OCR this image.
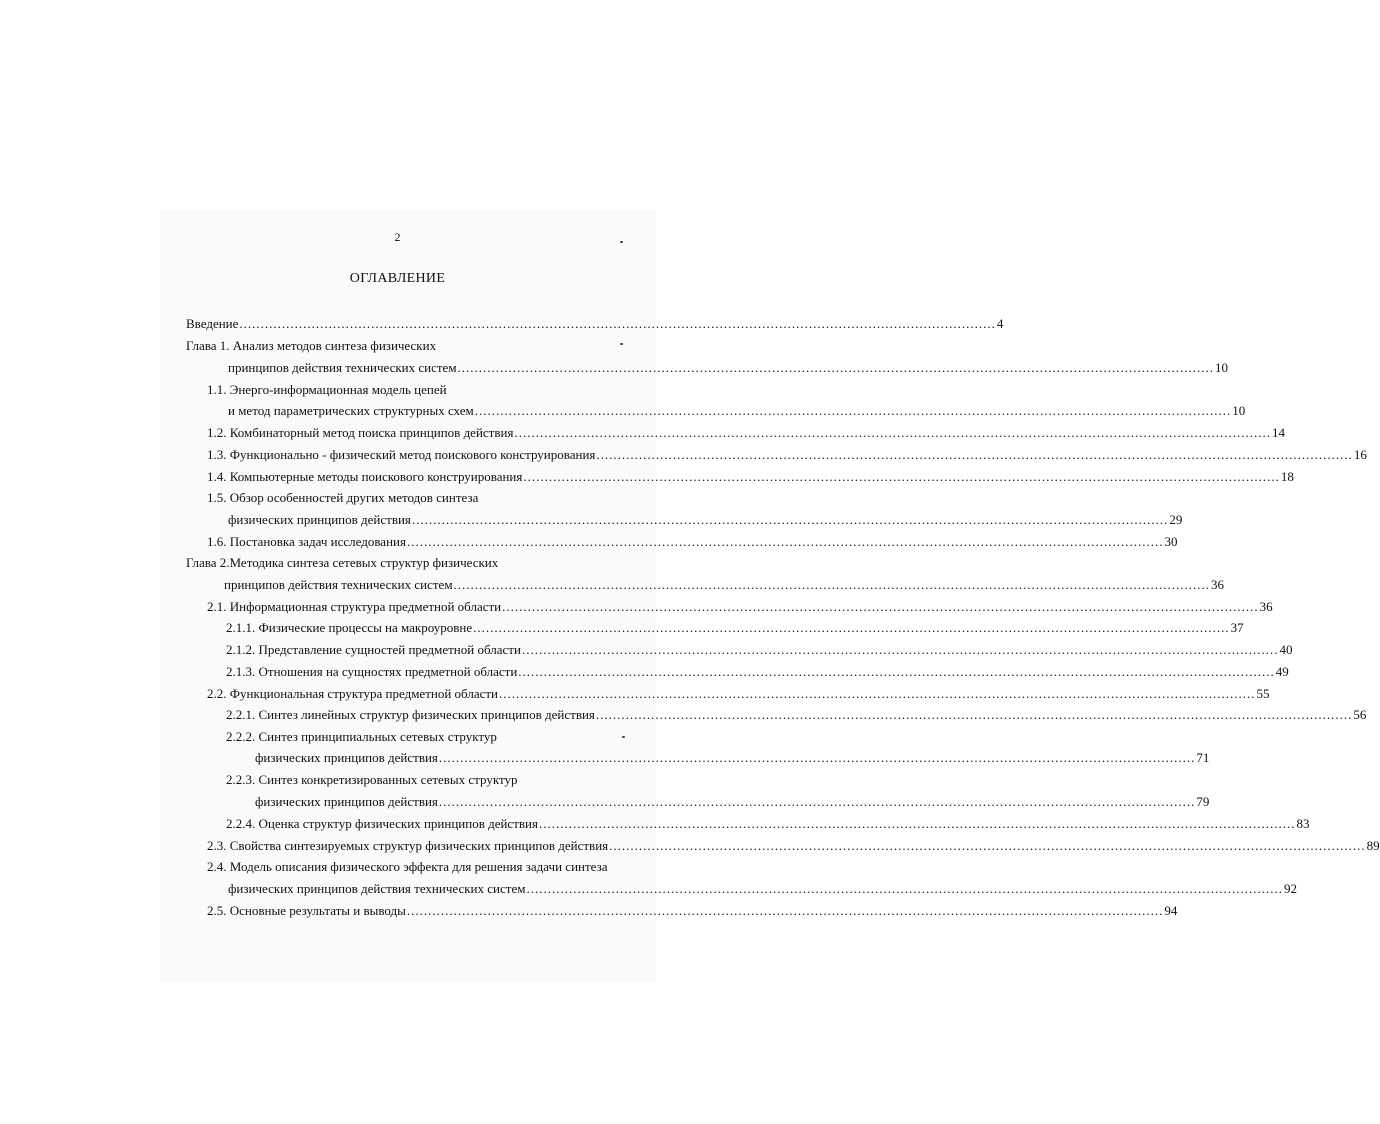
2
ОГЛАВЛЕНИЕ
Введение .................................................................................................................................................................................. 4
Глава 1. Анализ методов синтеза физических
принципов действия технических систем .................................................................................................................................................................................. 10
1.1. Энерго-информационная модель цепей
и метод параметрических структурных схем .................................................................................................................................................................................. 10
1.2. Комбинаторный метод поиска принципов действия .................................................................................................................................................................................. 14
1.3. Функционально - физический метод поискового конструирования .................................................................................................................................................................................. 16
1.4. Компьютерные методы поискового конструирования .................................................................................................................................................................................. 18
1.5. Обзор особенностей других методов синтеза
физических принципов действия .................................................................................................................................................................................. 29
1.6. Постановка задач исследования .................................................................................................................................................................................. 30
Глава 2.Методика синтеза сетевых структур физических
принципов действия технических систем .................................................................................................................................................................................. 36
2.1. Информационная структура предметной области .................................................................................................................................................................................. 36
2.1.1. Физические процессы на макроуровне .................................................................................................................................................................................. 37
2.1.2. Представление сущностей предметной области .................................................................................................................................................................................. 40
2.1.3. Отношения на сущностях предметной области .................................................................................................................................................................................. 49
2.2. Функциональная структура предметной области .................................................................................................................................................................................. 55
2.2.1. Синтез линейных структур физических принципов действия .................................................................................................................................................................................. 56
2.2.2. Синтез принципиальных сетевых структур
физических принципов действия .................................................................................................................................................................................. 71
2.2.3. Синтез конкретизированных сетевых структур
физических принципов действия .................................................................................................................................................................................. 79
2.2.4. Оценка структур физических принципов действия .................................................................................................................................................................................. 83
2.3. Свойства синтезируемых структур физических принципов действия .................................................................................................................................................................................. 89
2.4. Модель описания физического эффекта для решения задачи синтеза
физических принципов действия технических систем .................................................................................................................................................................................. 92
2.5. Основные результаты и выводы .................................................................................................................................................................................. 94
